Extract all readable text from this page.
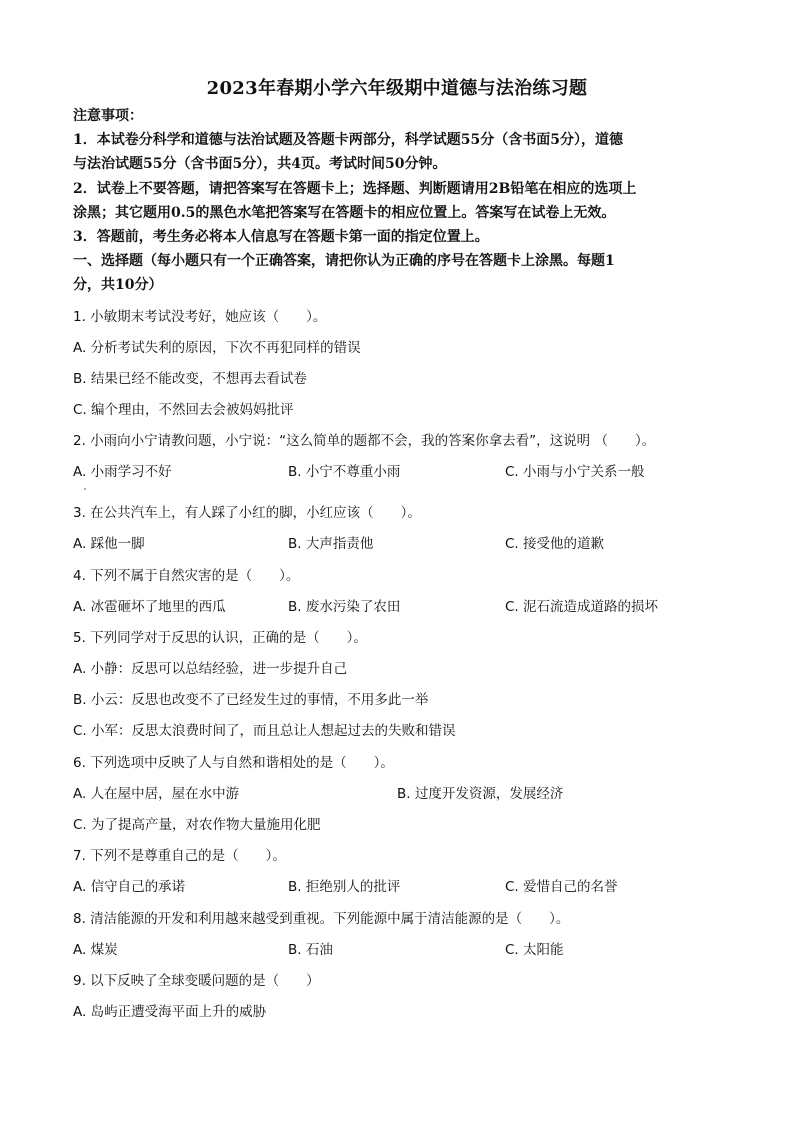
2023年春期小学六年级期中道德与法治练习题

注意事项：

1．本试卷分科学和道德与法治试题及答题卡两部分，科学试题55分（含书面5分），道德

与法治试题55分（含书面5分），共4页。考试时间50分钟。

2．试卷上不要答题，请把答案写在答题卡上；选择题、判断题请用2B铅笔在相应的选项上

涂黑；其它题用0.5的黑色水笔把答案写在答题卡的相应位置上。答案写在试卷上无效。

3．答题前，考生务必将本人信息写在答题卡第一面的指定位置上。

一、选择题（每小题只有一个正确答案，请把你认为正确的序号在答题卡上涂黑。每题1

分，共10分）

1. 小敏期末考试没考好，她应该（　　）。
A. 分析考试失利的原因，下次不再犯同样的错误
B. 结果已经不能改变，不想再去看试卷
C. 编个理由，不然回去会被妈妈批评
2. 小雨向小宁请教问题，小宁说：“这么简单的题都不会，我的答案你拿去看”，这说明 （　　）。
A. 小雨学习不好	B. 小宁不尊重小雨	C. 小雨与小宁关系一般
3. 在公共汽车上，有人踩了小红的脚，小红应该（　　）。
A. 踩他一脚	B. 大声指责他	C. 接受他的道歉
4. 下列不属于自然灾害的是（　　）。
A. 冰雹砸坏了地里的西瓜	B. 废水污染了农田	C. 泥石流造成道路的损坏
5. 下列同学对于反思的认识，正确的是（　　）。
A. 小静：反思可以总结经验，进一步提升自己
B. 小云：反思也改变不了已经发生过的事情，不用多此一举
C. 小军：反思太浪费时间了，而且总让人想起过去的失败和错误
6. 下列选项中反映了人与自然和谐相处的是（　　）。
A. 人在屋中居，屋在水中游	B. 过度开发资源，发展经济
C. 为了提高产量，对农作物大量施用化肥
7. 下列不是尊重自己的是（　　）。
A. 信守自己的承诺	B. 拒绝别人的批评	C. 爱惜自己的名誉
8. 清洁能源的开发和利用越来越受到重视。下列能源中属于清洁能源的是（　　）。
A. 煤炭	B. 石油	C. 太阳能
9. 以下反映了全球变暖问题的是（　　）
A. 岛屿正遭受海平面上升的威胁
